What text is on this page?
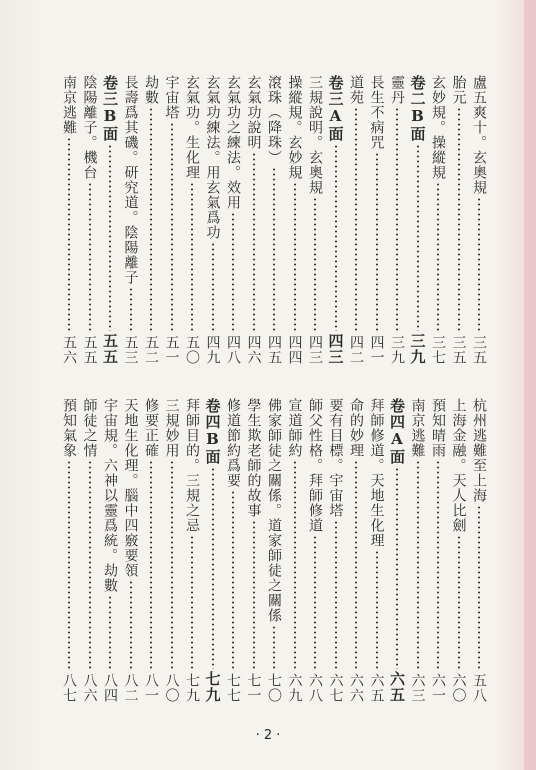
盧五爽十。玄奧規
三五
胎元
三五
玄妙規。操縱規
三七
卷二B面
三九
靈丹
三九
長生不病咒
四一
道苑
四二
卷三A面
四三
三規說明。玄奧規
四三
操縱規。玄妙規
四四
滾珠（降珠）
四五
玄氣功說明
四六
玄氣功之練法。效用
四八
玄氣功練法。用玄氣爲功
四九
玄氣功。生化理
五〇
宇宙塔
五一
劫數
五二
長壽爲其磯。研究道。陰陽離子
五三
卷三B面
五五
陰陽離子。機台
五五
南京逃難
五六
杭州逃難至上海
五八
上海金融。天人比劍
六〇
預知晴雨
六一
南京逃難
六三
卷四A面
六五
拜師修道。天地生化理
六五
命的妙理
六六
要有目標。宇宙塔
六七
師父性格。拜師修道
六八
宣道師約
六九
佛家師徒之關係。道家師徒之關係
七〇
學生欺老師的故事
七一
修道節約爲要
七七
卷四B面
七九
拜師目的。三規之忌
七九
三規妙用
八〇
修要正確
八一
天地生化理。腦中四竅要領
八二
宇宙規。六神以靈爲統。劫數
八四
師徒之情
八六
預知氣象
八七
· 2 ·
